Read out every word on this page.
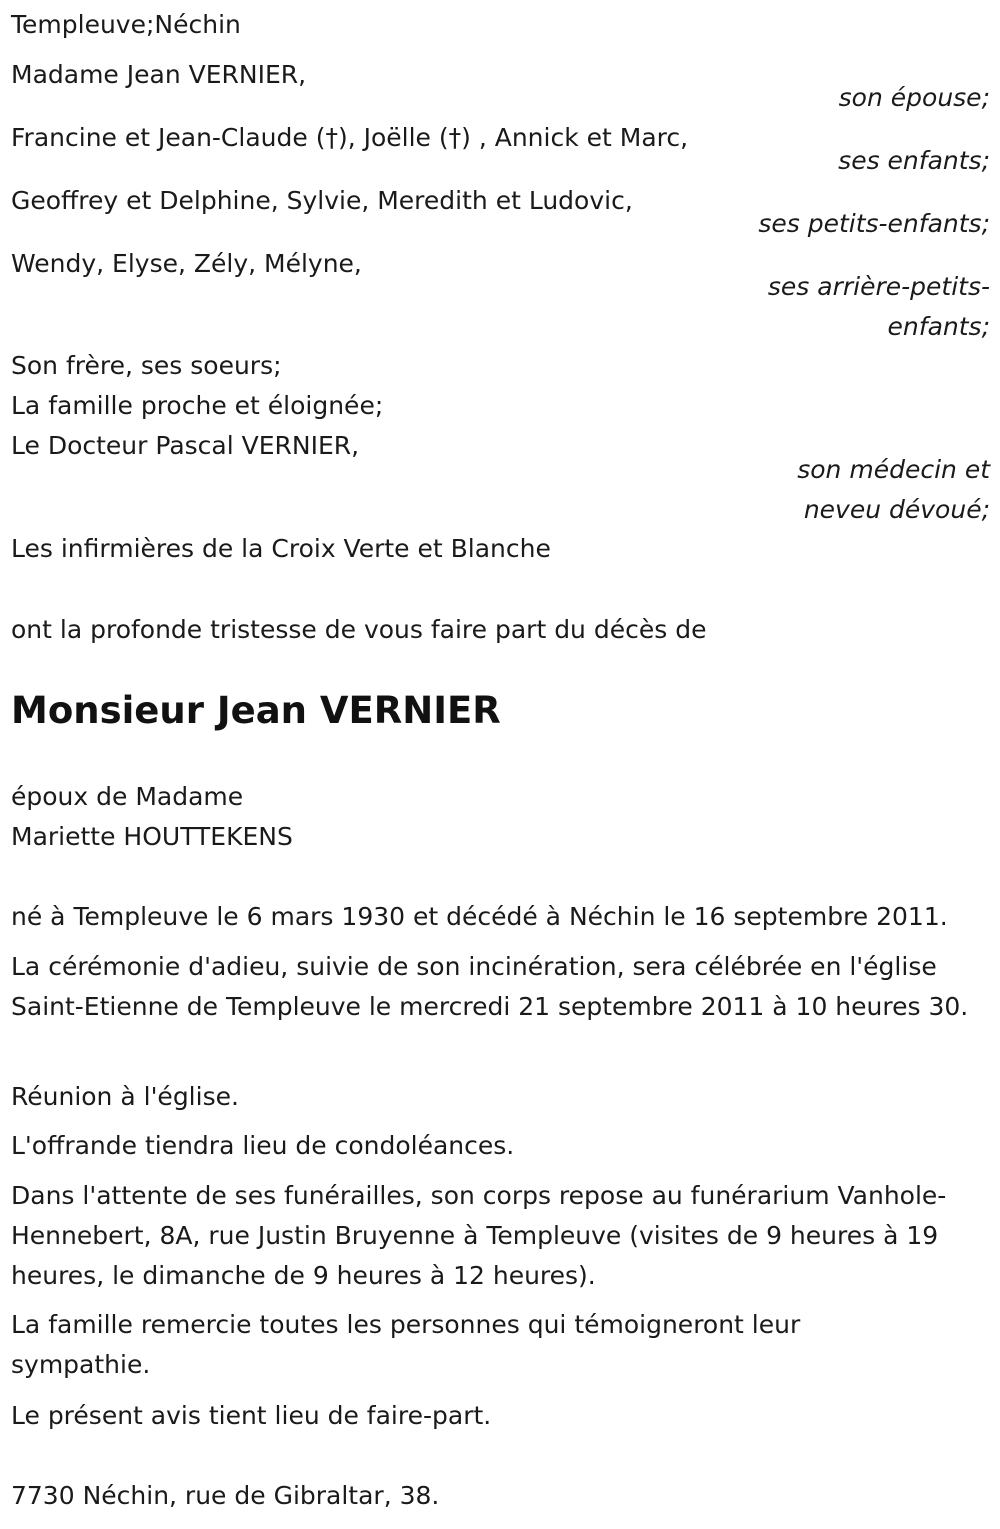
Templeuve;Néchin
Madame Jean VERNIER,
son épouse;
Francine et Jean-Claude (†), Joëlle (†) , Annick et Marc,
ses enfants;
Geoffrey et Delphine, Sylvie, Meredith et Ludovic,
ses petits-enfants;
Wendy, Elyse, Zély, Mélyne,
ses arrière-petits-
enfants;
Son frère, ses soeurs;
La famille proche et éloignée;
Le Docteur Pascal VERNIER,
son médecin et
neveu dévoué;
Les infirmières de la Croix Verte et Blanche
ont la profonde tristesse de vous faire part du décès de
Monsieur Jean VERNIER
époux de Madame
Mariette HOUTTEKENS
né à Templeuve le 6 mars 1930 et décédé à Néchin le 16 septembre 2011.
La cérémonie d'adieu, suivie de son incinération, sera célébrée en l'église Saint-Etienne de Templeuve le mercredi 21 septembre 2011 à 10 heures 30.
Réunion à l'église.
L'offrande tiendra lieu de condoléances.
Dans l'attente de ses funérailles, son corps repose au funérarium Vanhole-Hennebert, 8A, rue Justin Bruyenne à Templeuve (visites de 9 heures à 19 heures, le dimanche de 9 heures à 12 heures).
La famille remercie toutes les personnes qui témoigneront leur sympathie.
Le présent avis tient lieu de faire-part.
7730 Néchin, rue de Gibraltar, 38.
